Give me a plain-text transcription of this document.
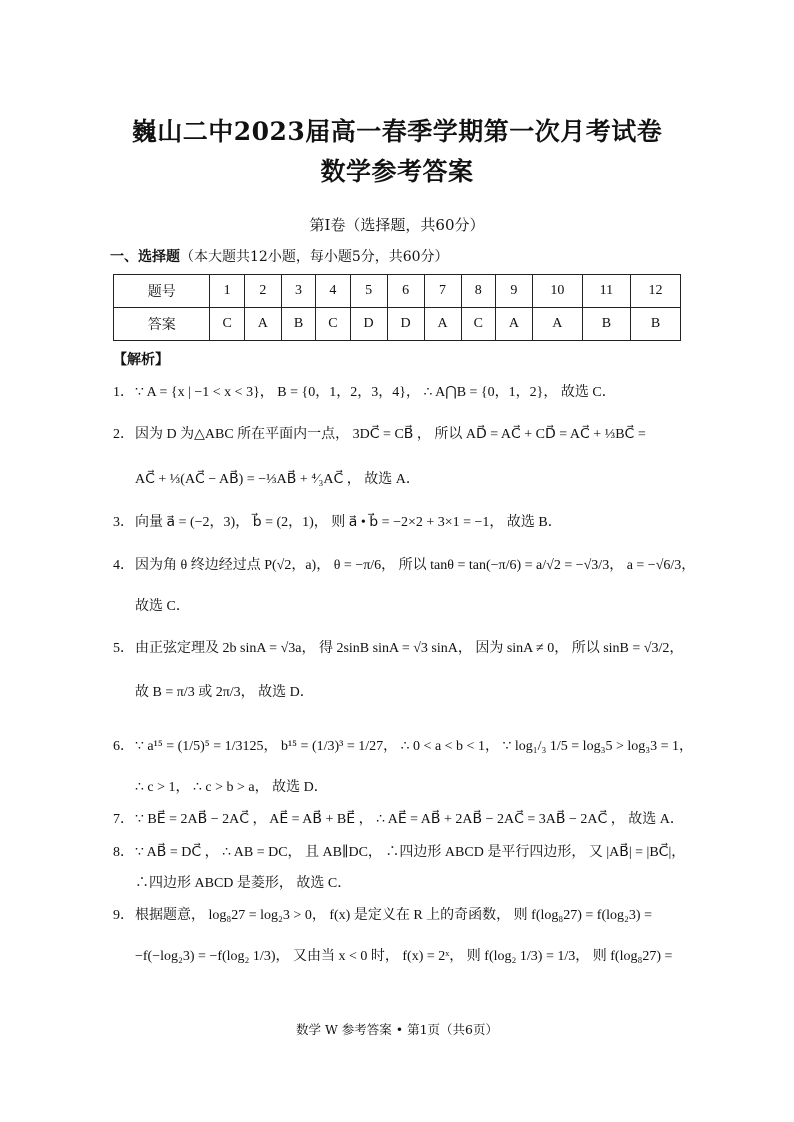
巍山二中2023届高一春季学期第一次月考试卷
数学参考答案
第Ⅰ卷（选择题，共60分）
一、选择题（本大题共12小题，每小题5分，共60分）
题号	1	2	3	4	5	6	7	8	9	10	11	12
答案	C	A	B	C	D	D	A	C	A	A	B	B
【解析】
1．∵ A = {x | −1 < x < 3}， B = {0，1，2，3，4}， ∴ A⋂B = {0，1，2}， 故选 C．
2．因为 D 为△ABC 所在平面内一点， 3DC⃗ = CB⃗ ， 所以 AD⃗ = AC⃗ + CD⃗ = AC⃗ + ⅓BC⃗ =
AC⃗ + ⅓(AC⃗ − AB⃗) = −⅓AB⃗ + ⁴⁄₃AC⃗ ， 故选 A．
3．向量 a⃗ = (−2，3)， b⃗ = (2，1)， 则 a⃗ • b⃗ = −2×2 + 3×1 = −1， 故选 B．
4．因为角 θ 终边经过点 P(√2，a)， θ = −π/6， 所以 tanθ = tan(−π/6) = a/√2 = −√3/3， a = −√6/3，
故选 C．
5．由正弦定理及 2b sinA = √3a， 得 2sinB sinA = √3 sinA， 因为 sinA ≠ 0， 所以 sinB = √3/2，
故 B = π/3 或 2π/3， 故选 D．
6．∵ a¹⁵ = (1/5)⁵ = 1/3125， b¹⁵ = (1/3)³ = 1/27， ∴ 0 < a < b < 1， ∵ log₁/₃ 1/5 = log₃5 > log₃3 = 1，
∴ c > 1， ∴ c > b > a， 故选 D．
7．∵ BE⃗ = 2AB⃗ − 2AC⃗ ， AE⃗ = AB⃗ + BE⃗ ， ∴ AE⃗ = AB⃗ + 2AB⃗ − 2AC⃗ = 3AB⃗ − 2AC⃗ ， 故选 A．
8．∵ AB⃗ = DC⃗ ， ∴ AB = DC， 且 AB∥DC， ∴四边形 ABCD 是平行四边形， 又 |AB⃗| = |BC⃗|，
∴四边形 ABCD 是菱形， 故选 C．
9．根据题意， log₈27 = log₂3 > 0， f(x) 是定义在 R 上的奇函数， 则 f(log₈27) = f(log₂3) =
−f(−log₂3) = −f(log₂ 1/3)， 又由当 x < 0 时， f(x) = 2ˣ， 则 f(log₂ 1/3) = 1/3， 则 f(log₈27) =
数学 W 参考答案 • 第1页（共6页）
